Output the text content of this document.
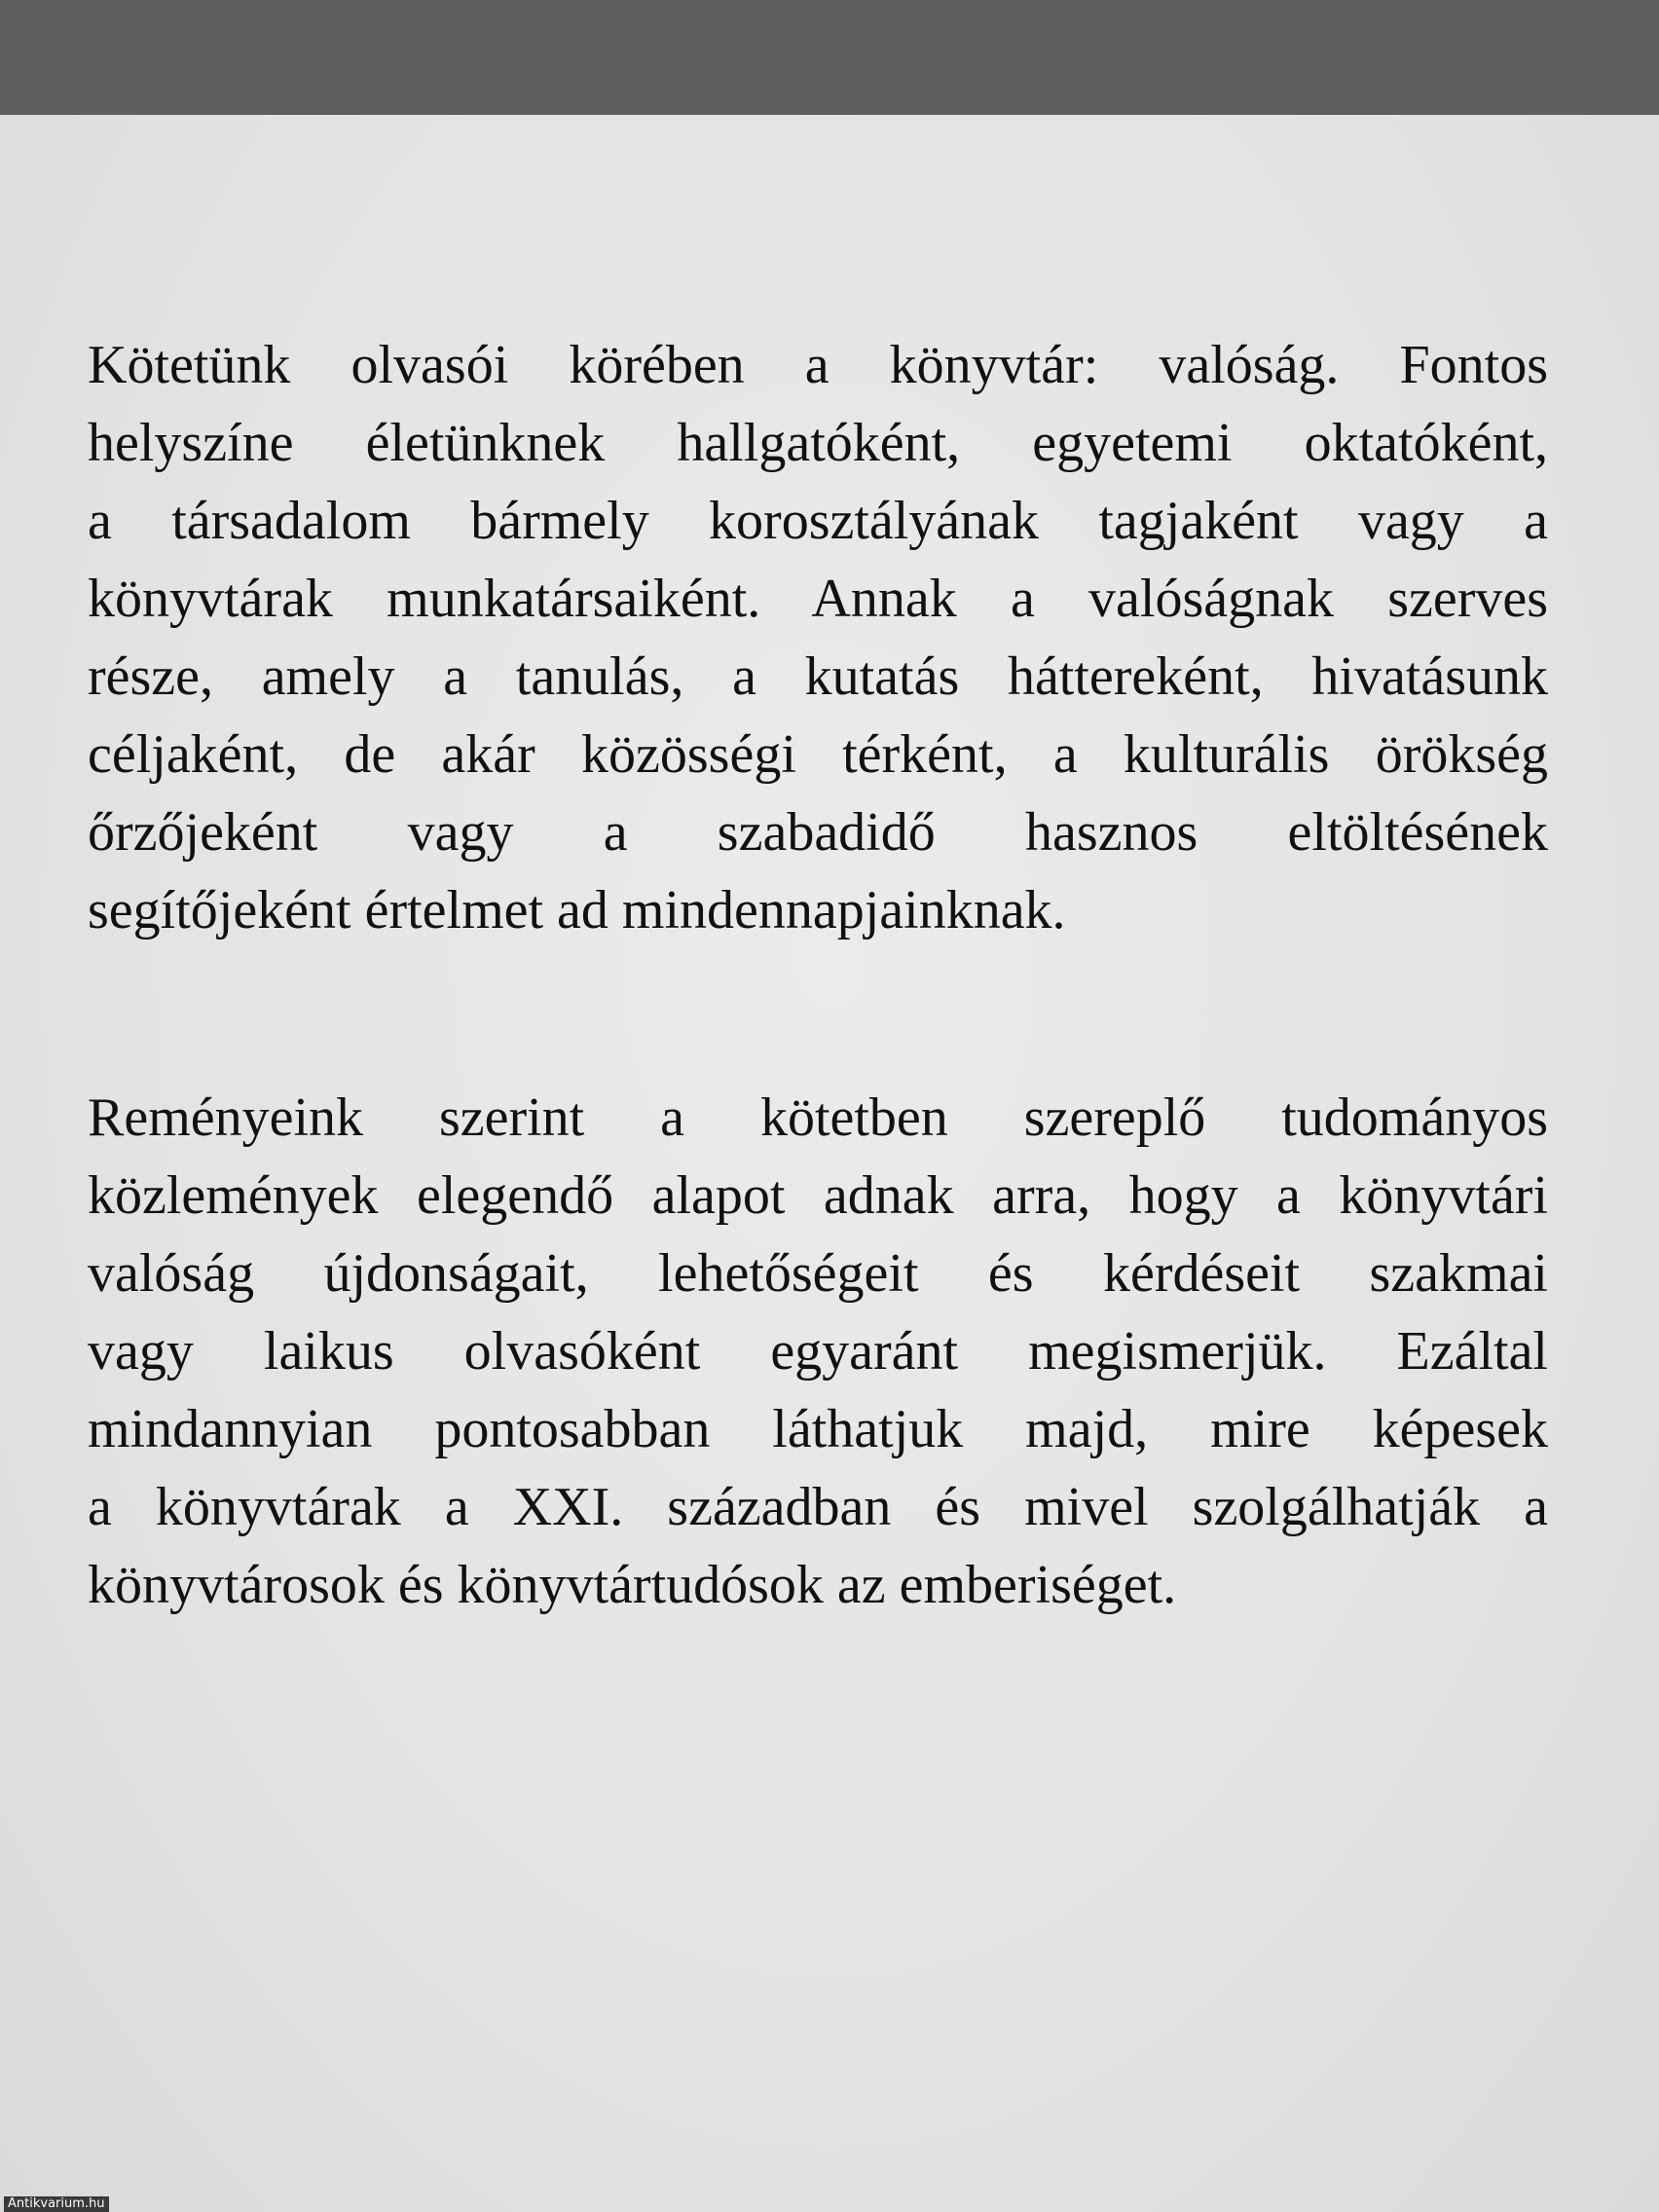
Kötetünk olvasói körében a könyvtár: valóság. Fontos
helyszíne életünknek hallgatóként, egyetemi oktatóként,
a társadalom bármely korosztályának tagjaként vagy a
könyvtárak munkatársaiként. Annak a valóságnak szerves
része, amely a tanulás, a kutatás háttereként, hivatásunk
céljaként, de akár közösségi térként, a kulturális örökség
őrzőjeként vagy a szabadidő hasznos eltöltésének
segítőjeként értelmet ad mindennapjainknak.
Reményeink szerint a kötetben szereplő tudományos
közlemények elegendő alapot adnak arra, hogy a könyvtári
valóság újdonságait, lehetőségeit és kérdéseit szakmai
vagy laikus olvasóként egyaránt megismerjük. Ezáltal
mindannyian pontosabban láthatjuk majd, mire képesek
a könyvtárak a XXI. században és mivel szolgálhatják a
könyvtárosok és könyvtártudósok az emberiséget.
Antikvarium.hu
